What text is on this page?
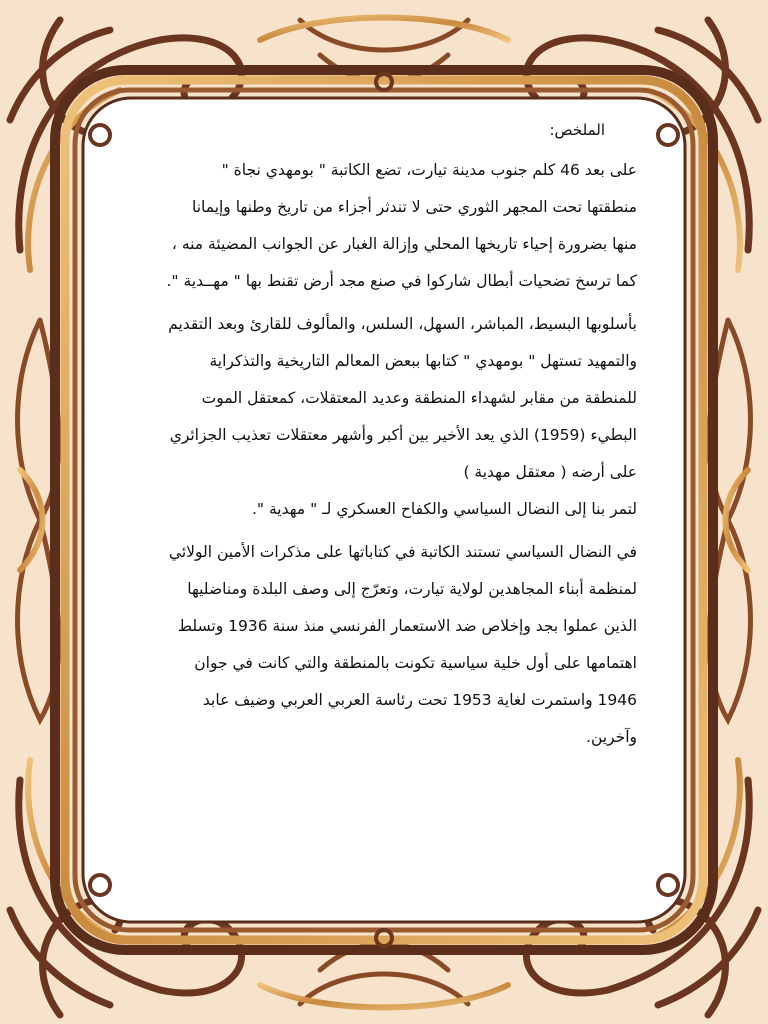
الملخص:

على بعد 46 كلم جنوب مدينة تيارت، تضع الكاتبة " بومهدي نجاة "
منطقتها تحت المجهر الثوري حتى لا تندثر أجزاء من تاريخ وطنها وإيمانا
منها بضرورة إحياء تاريخها المحلي وإزالة الغبار عن الجوانب المضيئة منه ،
كما ترسخ تضحيات أبطال شاركوا في صنع مجد أرض تقنط بها " مهــدية ".

بأسلوبها البسيط، المباشر، السهل، السلس، والمألوف للقارئ وبعد التقديم
والتمهيد تستهل " بومهدي " كتابها ببعض المعالم التاريخية والتذكراية
للمنطقة من مقابر لشهداء المنطقة وعديد المعتقلات، كمعتقل الموت
البطيء (1959) الذي يعد الأخير بين أكبر وأشهر معتقلات تعذيب الجزائري
على أرضه ( معتقل مهدية )
لتمر بنا إلى النضال السياسي والكفاح العسكري لـ " مهدية ".

في النضال السياسي تستند الكاتبة في كتاباتها على مذكرات الأمين الولائي
لمنظمة أبناء المجاهدين لولاية تيارت، وتعرّج إلى وصف البلدة ومناضليها
الذين عملوا بجد وإخلاص ضد الاستعمار الفرنسي منذ سنة 1936 وتسلط
اهتمامها على أول خلية سياسية تكونت بالمنطقة والتي كانت في جوان
1946 واستمرت لغاية 1953 تحت رئاسة العربي العربي وضيف عابد
وآخرين.
